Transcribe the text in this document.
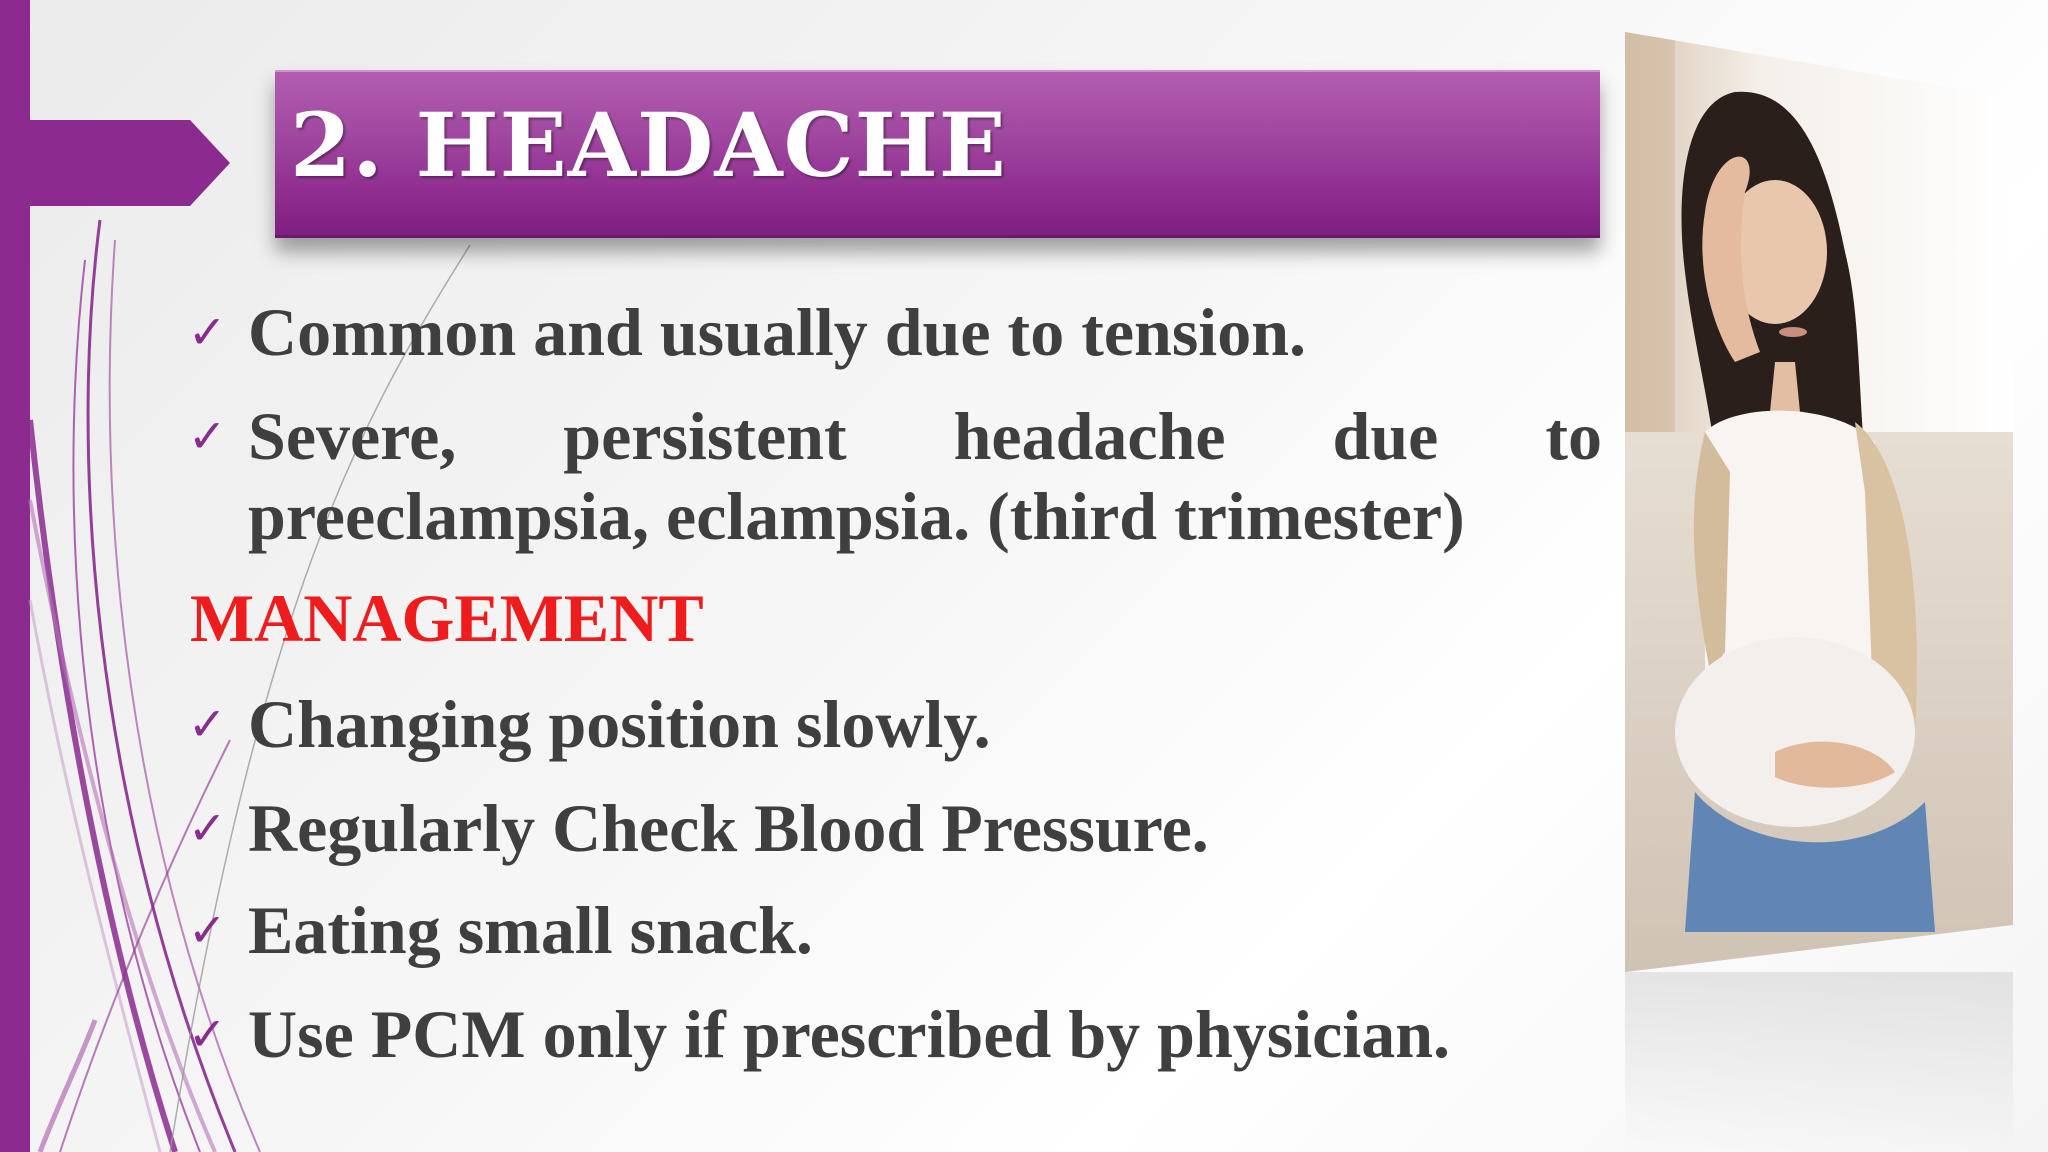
2. HEADACHE
✓ Common and usually due to tension.
✓ Severe, persistent headache due to
preeclampsia, eclampsia. (third trimester)
MANAGEMENT
✓ Changing position slowly.
✓ Regularly Check Blood Pressure.
✓ Eating small snack.
✓ Use PCM only if prescribed by physician.
